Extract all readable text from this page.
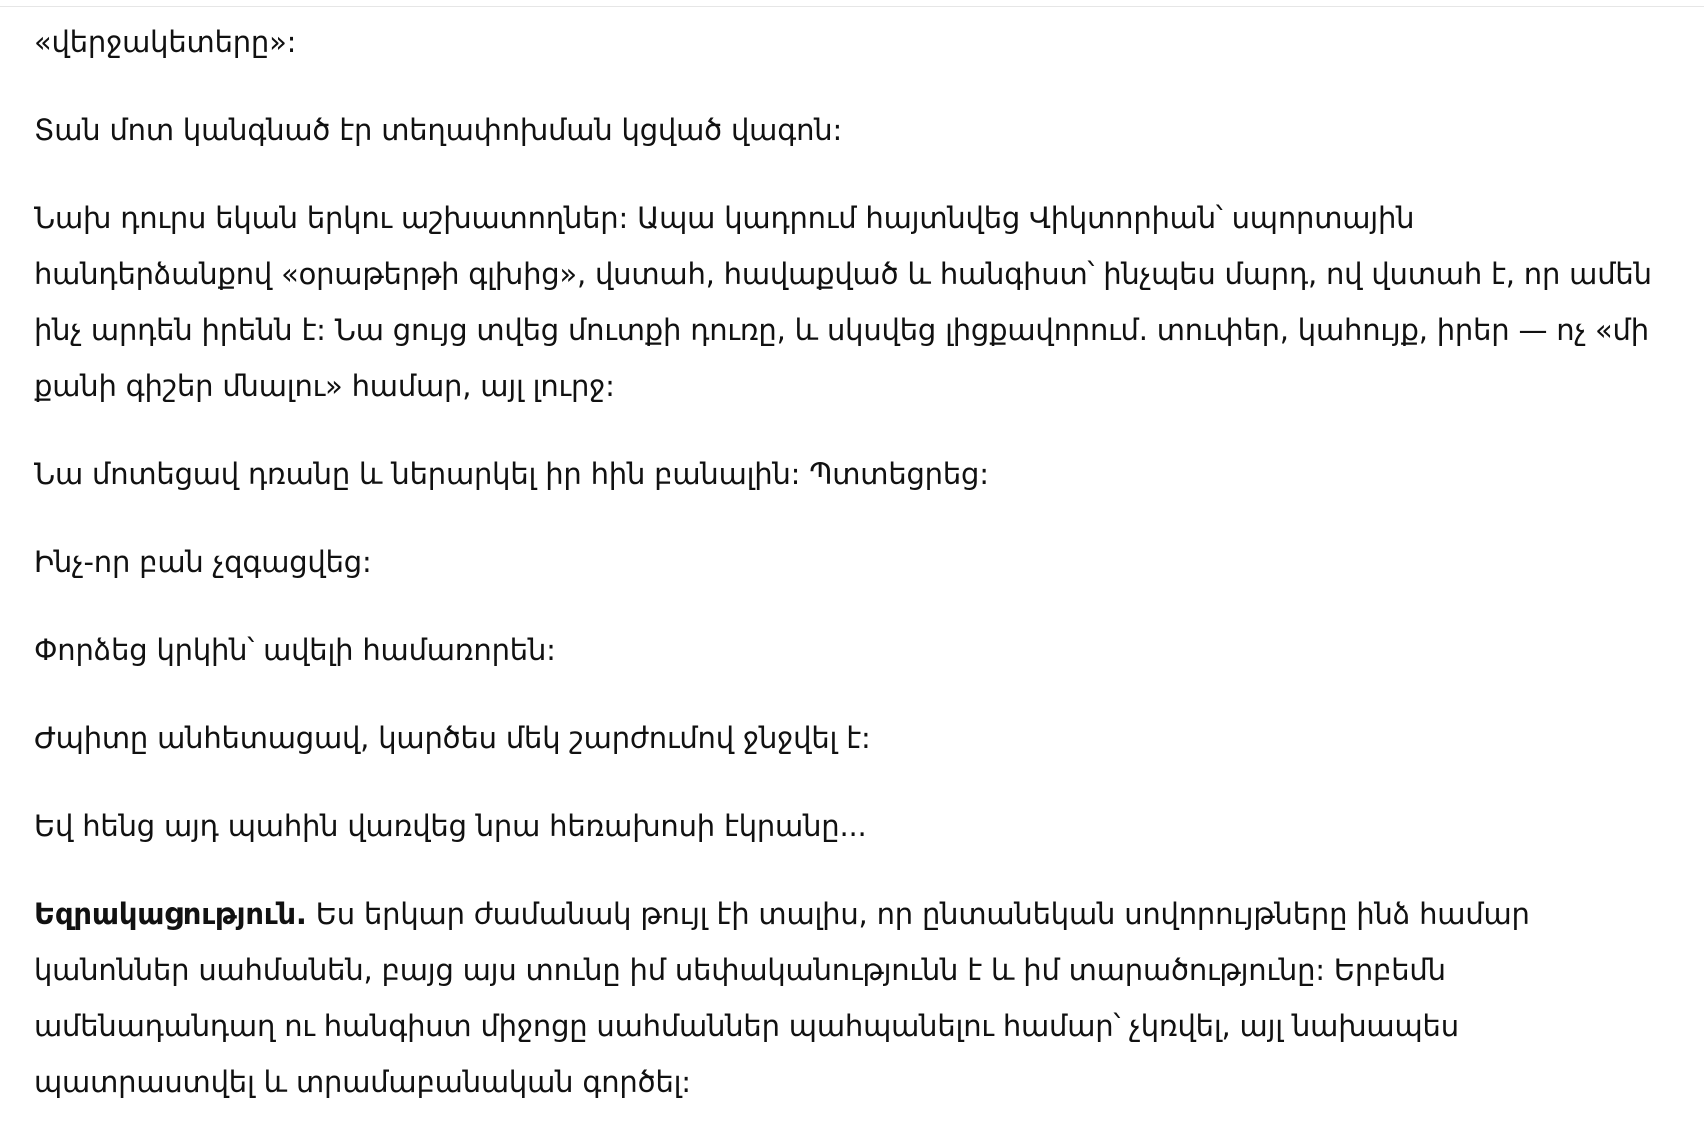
«վերջակետերը»:

Տան մոտ կանգնած էր տեղափոխման կցված վագոն:

Նախ դուրս եկան երկու աշխատողներ: Ապա կադրում հայտնվեց Վիկտորիան՝ սպորտային հանդերձանքով «օրաթերթի գլխից», վստահ, հավաքված և հանգիստ՝ ինչպես մարդ, ով վստահ է, որ ամեն ինչ արդեն իրենն է: Նա ցույց տվեց մուտքի դուռը, և սկսվեց լիցքավորում. տուփեր, կահույք, իրեր — ոչ «մի քանի գիշեր մնալու» համար, այլ լուրջ:

Նա մոտեցավ դռանը և ներարկել իր հին բանալին: Պտտեցրեց:

Ինչ-որ բան չզգացվեց:

Փորձեց կրկին՝ ավելի համառորեն:

Ժպիտը անհետացավ, կարծես մեկ շարժումով ջնջվել է:

Եվ հենց այդ պահին վառվեց նրա հեռախոսի էկրանը...

Եզրակացություն. Ես երկար ժամանակ թույլ էի տալիս, որ ընտանեկան սովորույթները ինձ համար կանոններ սահմանեն, բայց այս տունը իմ սեփականությունն է և իմ տարածությունը: Երբեմն ամենադանդաղ ու հանգիստ միջոցը սահմաններ պահպանելու համար՝ չկռվել, այլ նախապես պատրաստվել և տրամաբանական գործել:
